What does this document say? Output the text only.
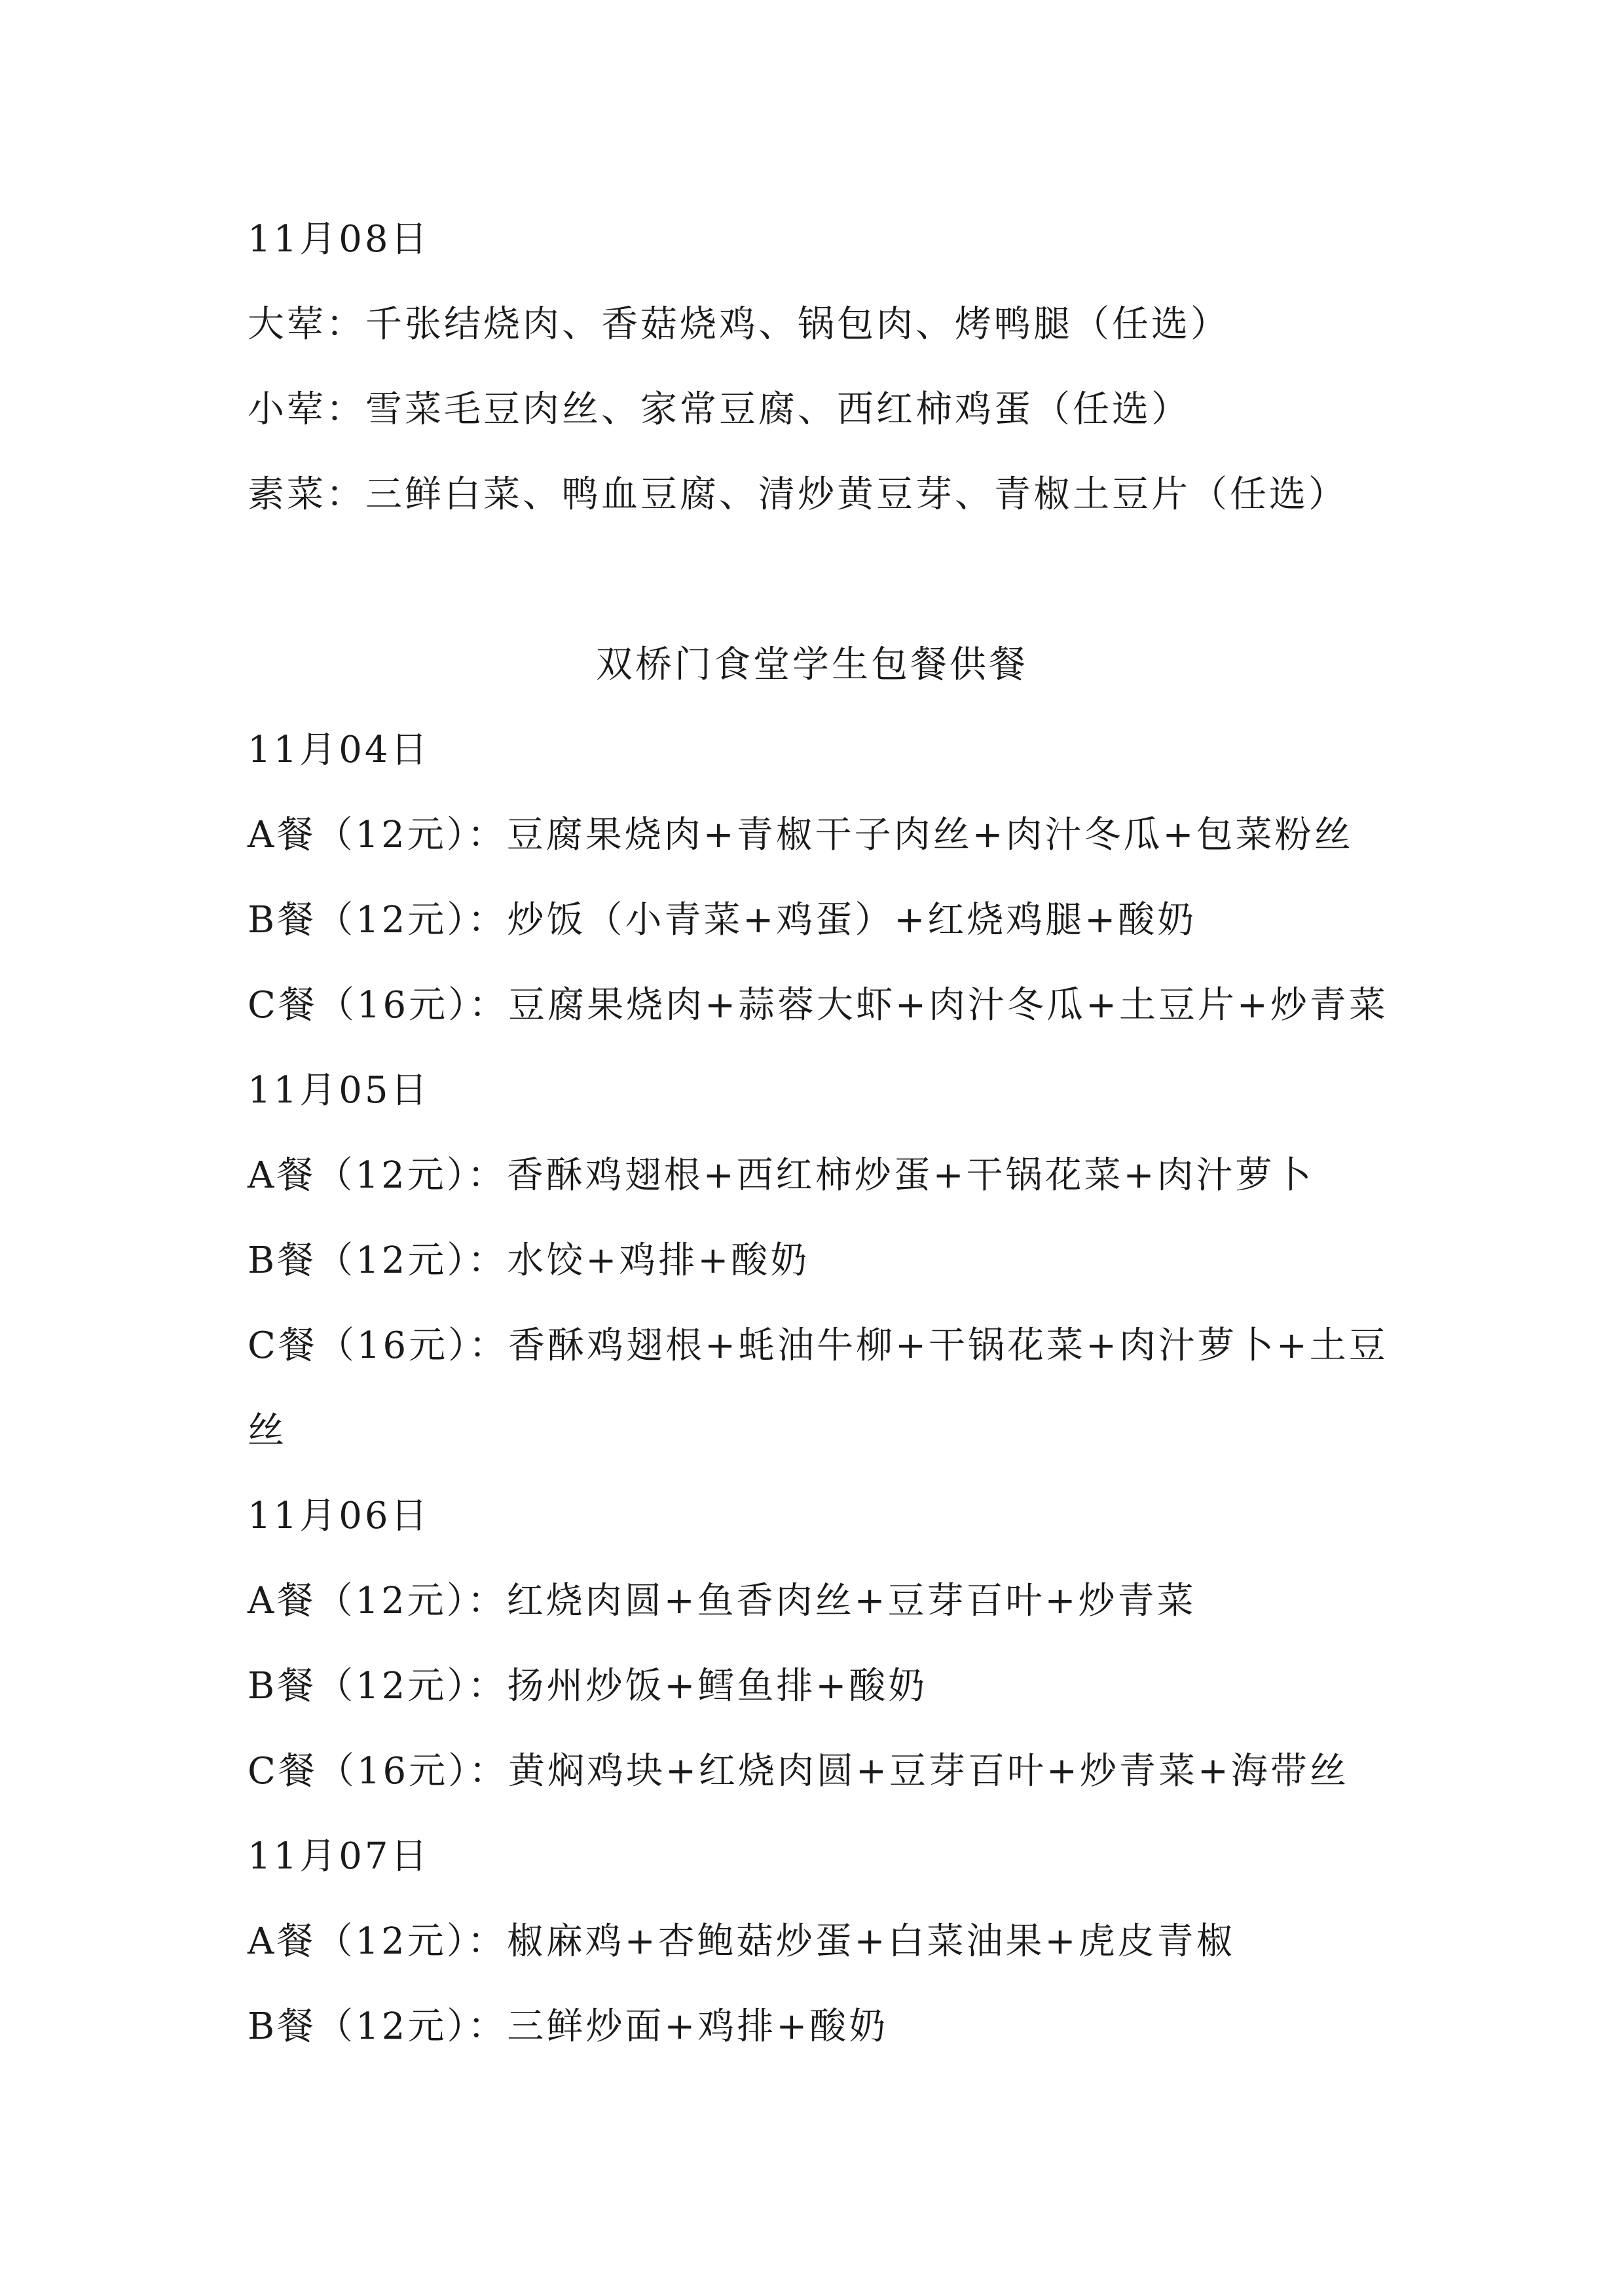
11月08日
大荤：千张结烧肉、香菇烧鸡、锅包肉、烤鸭腿（任选）
小荤：雪菜毛豆肉丝、家常豆腐、西红柿鸡蛋（任选）
素菜：三鲜白菜、鸭血豆腐、清炒黄豆芽、青椒土豆片（任选）
双桥门食堂学生包餐供餐
11月04日
A餐（12元）：豆腐果烧肉+青椒干子肉丝+肉汁冬瓜+包菜粉丝
B餐（12元）：炒饭（小青菜+鸡蛋）+红烧鸡腿+酸奶
C餐（16元）：豆腐果烧肉+蒜蓉大虾+肉汁冬瓜+土豆片+炒青菜
11月05日
A餐（12元）：香酥鸡翅根+西红柿炒蛋+干锅花菜+肉汁萝卜
B餐（12元）：水饺+鸡排+酸奶
C餐（16元）：香酥鸡翅根+蚝油牛柳+干锅花菜+肉汁萝卜+土豆
丝
11月06日
A餐（12元）：红烧肉圆+鱼香肉丝+豆芽百叶+炒青菜
B餐（12元）：扬州炒饭+鳕鱼排+酸奶
C餐（16元）：黄焖鸡块+红烧肉圆+豆芽百叶+炒青菜+海带丝
11月07日
A餐（12元）：椒麻鸡+杏鲍菇炒蛋+白菜油果+虎皮青椒
B餐（12元）：三鲜炒面+鸡排+酸奶
